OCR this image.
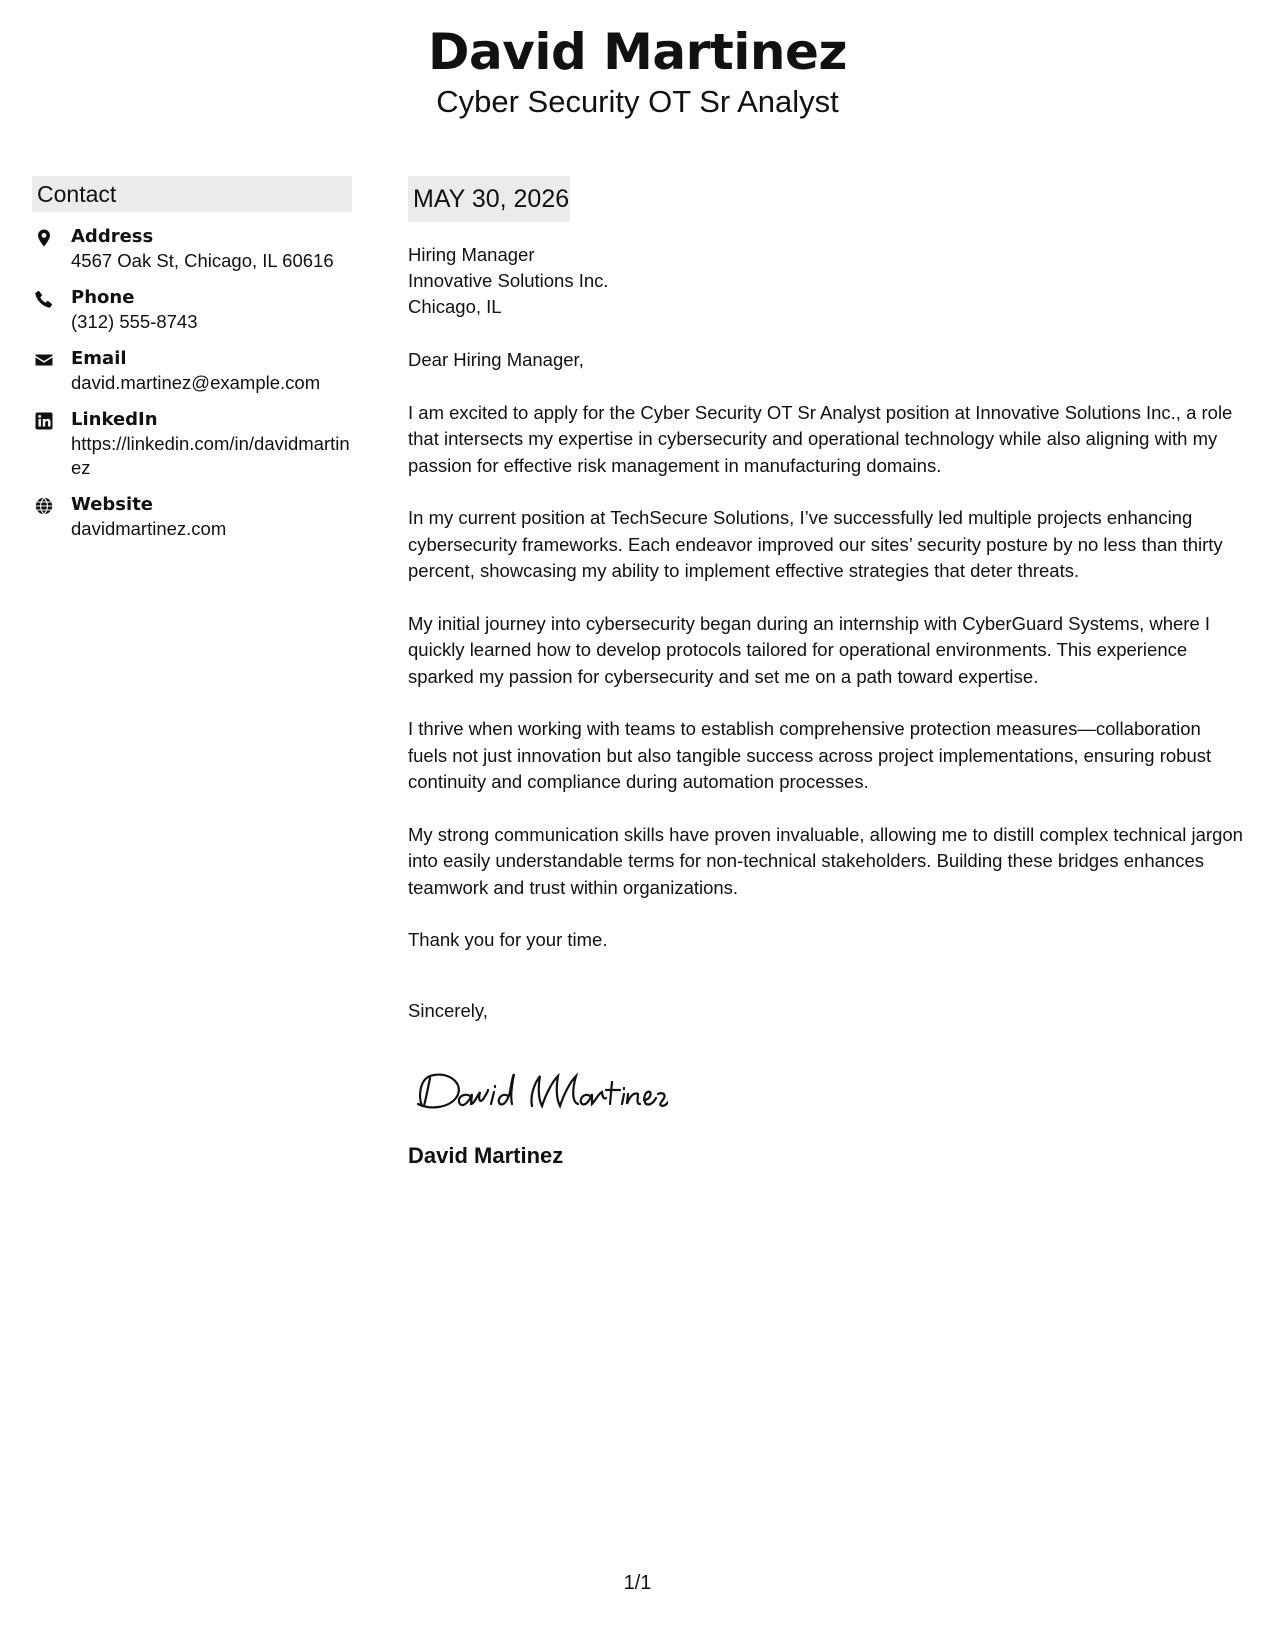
David Martinez
Cyber Security OT Sr Analyst
Contact
Address
4567 Oak St, Chicago, IL 60616
Phone
(312) 555-8743
Email
david.martinez@example.com
LinkedIn
https://linkedin.com/in/davidmartinez
Website
davidmartinez.com
MAY 30, 2026
Hiring Manager
Innovative Solutions Inc.
Chicago, IL

Dear Hiring Manager,

I am excited to apply for the Cyber Security OT Sr Analyst position at Innovative Solutions Inc., a role that intersects my expertise in cybersecurity and operational technology while also aligning with my passion for effective risk management in manufacturing domains.

In my current position at TechSecure Solutions, I’ve successfully led multiple projects enhancing cybersecurity frameworks. Each endeavor improved our sites’ security posture by no less than thirty percent, showcasing my ability to implement effective strategies that deter threats.

My initial journey into cybersecurity began during an internship with CyberGuard Systems, where I quickly learned how to develop protocols tailored for operational environments. This experience sparked my passion for cybersecurity and set me on a path toward expertise.

I thrive when working with teams to establish comprehensive protection measures—collaboration fuels not just innovation but also tangible success across project implementations, ensuring robust continuity and compliance during automation processes.

My strong communication skills have proven invaluable, allowing me to distill complex technical jargon into easily understandable terms for non-technical stakeholders. Building these bridges enhances teamwork and trust within organizations.

Thank you for your time.

Sincerely,

David Martinez
1/1
